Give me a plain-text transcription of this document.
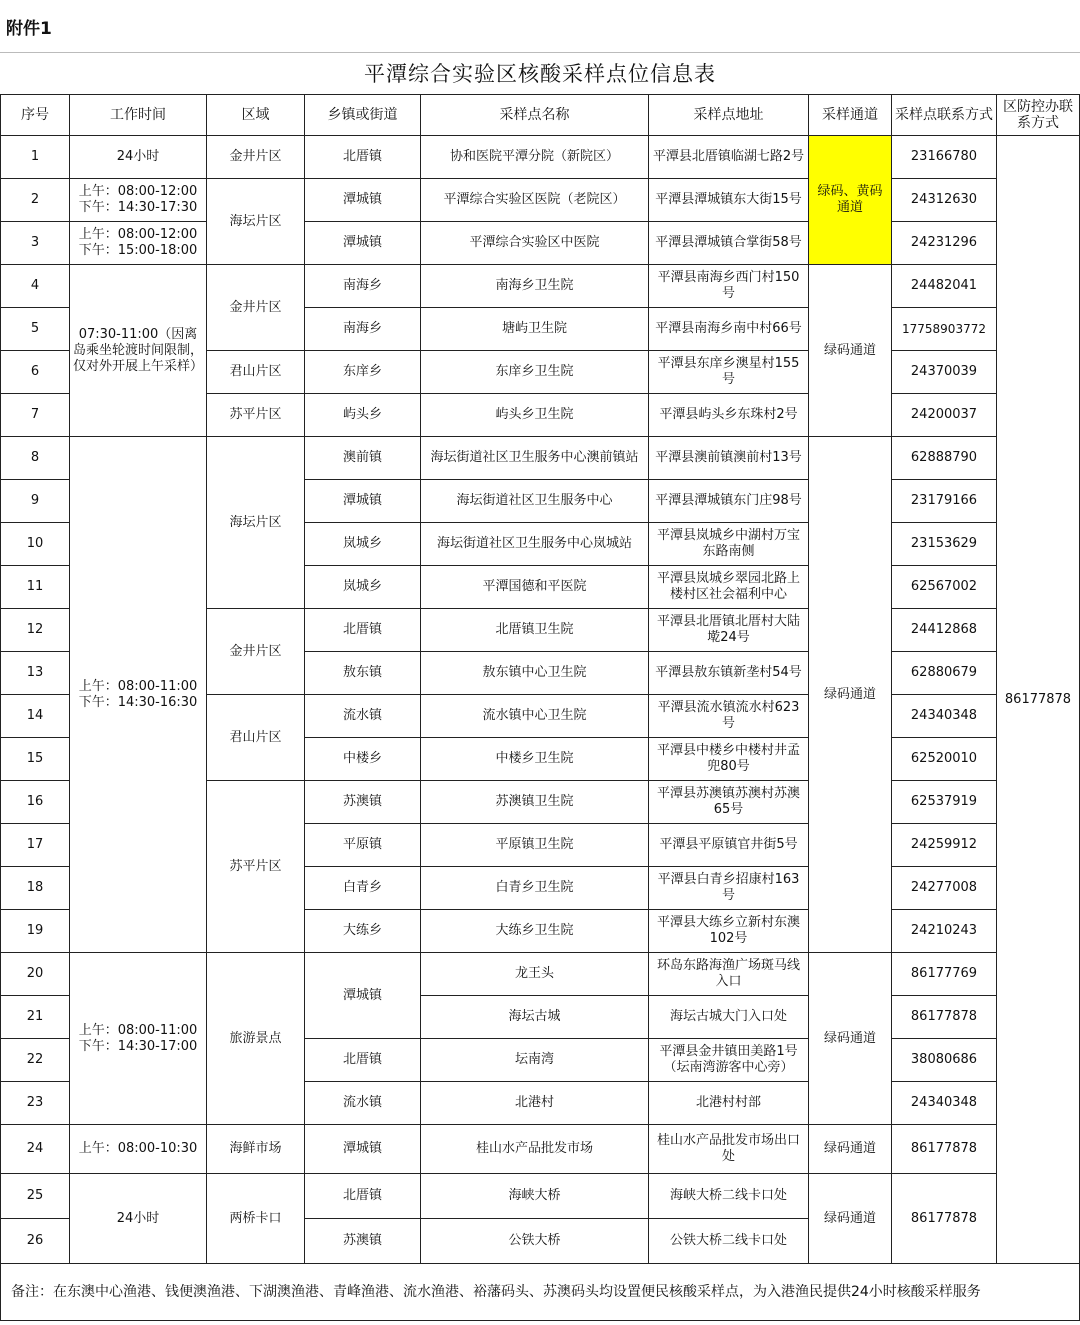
附件1
平潭综合实验区核酸采样点位信息表
序号	工作时间	区域	乡镇或街道	采样点名称	采样点地址	采样通道	采样点联系方式	区防控办联系方式
1	24小时	金井片区	北厝镇	协和医院平潭分院（新院区）	平潭县北厝镇临湖七路2号	绿码、黄码通道	23166780	86177878
2	上午：08:00-12:00
下午：14:30-17:30	海坛片区	潭城镇	平潭综合实验区医院（老院区）	平潭县潭城镇东大街15号		24312630	
3	上午：08:00-12:00
下午：15:00-18:00		潭城镇	平潭综合实验区中医院	平潭县潭城镇合掌街58号		24231296	
4	07:30-11:00（因离岛乘坐轮渡时间限制，仅对外开展上午采样）	金井片区	南海乡	南海乡卫生院	平潭县南海乡西门村150号	绿码通道	24482041	
5			南海乡	塘屿卫生院	平潭县南海乡南中村66号		17758903772	
6		君山片区	东庠乡	东庠乡卫生院	平潭县东庠乡澳星村155号		24370039	
7		苏平片区	屿头乡	屿头乡卫生院	平潭县屿头乡东珠村2号		24200037	
8	上午：08:00-11:00
下午：14:30-16:30	海坛片区	澳前镇	海坛街道社区卫生服务中心澳前镇站	平潭县澳前镇澳前村13号	绿码通道	62888790	
9			潭城镇	海坛街道社区卫生服务中心	平潭县潭城镇东门庄98号		23179166	
10			岚城乡	海坛街道社区卫生服务中心岚城站	平潭县岚城乡中湖村万宝东路南侧		23153629	
11			岚城乡	平潭国德和平医院	平潭县岚城乡翠园北路上楼村区社会福利中心		62567002	
12		金井片区	北厝镇	北厝镇卫生院	平潭县北厝镇北厝村大陆墘24号		24412868	
13			敖东镇	敖东镇中心卫生院	平潭县敖东镇新垄村54号		62880679	
14		君山片区	流水镇	流水镇中心卫生院	平潭县流水镇流水村623号		24340348	
15			中楼乡	中楼乡卫生院	平潭县中楼乡中楼村井孟兜80号		62520010	
16		苏平片区	苏澳镇	苏澳镇卫生院	平潭县苏澳镇苏澳村苏澳65号		62537919	
17			平原镇	平原镇卫生院	平潭县平原镇官井街5号		24259912	
18			白青乡	白青乡卫生院	平潭县白青乡招康村163号		24277008	
19			大练乡	大练乡卫生院	平潭县大练乡立新村东澳102号		24210243	
20	上午：08:00-11:00
下午：14:30-17:00	旅游景点	潭城镇	龙王头	环岛东路海渔广场斑马线入口	绿码通道	86177769	
21				海坛古城	海坛古城大门入口处		86177878	
22			北厝镇	坛南湾	平潭县金井镇田美路1号（坛南湾游客中心旁）		38080686	
23			流水镇	北港村	北港村村部		24340348	
24	上午：08:00-10:30	海鲜市场	潭城镇	桂山水产品批发市场	桂山水产品批发市场出口处	绿码通道	86177878	
25	24小时	两桥卡口	北厝镇	海峡大桥	海峡大桥二线卡口处	绿码通道	86177878	
26			苏澳镇	公铁大桥	公铁大桥二线卡口处			
备注：在东澳中心渔港、钱便澳渔港、下湖澳渔港、青峰渔港、流水渔港、裕藩码头、苏澳码头均设置便民核酸采样点，为入港渔民提供24小时核酸采样服务								
